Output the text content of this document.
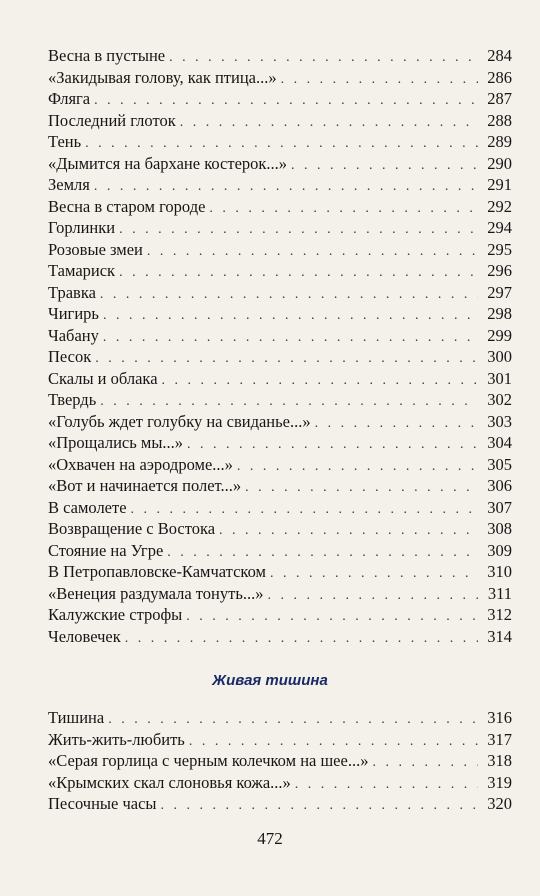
Весна в пустыне . . .	284
«Закидывая голову, как птица...» . . .	286
Фляга . . .	287
Последний глоток . . .	288
Тень . . .	289
«Дымится на бархане костерок...» . . .	290
Земля . . .	291
Весна в старом городе . . .	292
Горлинки . . .	294
Розовые змеи . . .	295
Тамариск . . .	296
Травка . . .	297
Чигирь . . .	298
Чабану . . .	299
Песок . . .	300
Скалы и облака . . .	301
Твердь . . .	302
«Голубь ждет голубку на свиданье...» . . .	303
«Прощались мы...» . . .	304
«Охвачен на аэродроме...» . . .	305
«Вот и начинается полет...» . . .	306
В самолете . . .	307
Возвращение с Востока . . .	308
Стояние на Угре . . .	309
В Петропавловске-Камчатском . . .	310
«Венеция раздумала тонуть...» . . .	311
Калужские строфы . . .	312
Человечек . . .	314
Живая тишина
Тишина . . .	316
Жить-жить-любить . . .	317
«Серая горлица с черным колечком на шее...» . . .	318
«Крымских скал слоновья кожа...» . . .	319
Песочные часы . . .	320
472
